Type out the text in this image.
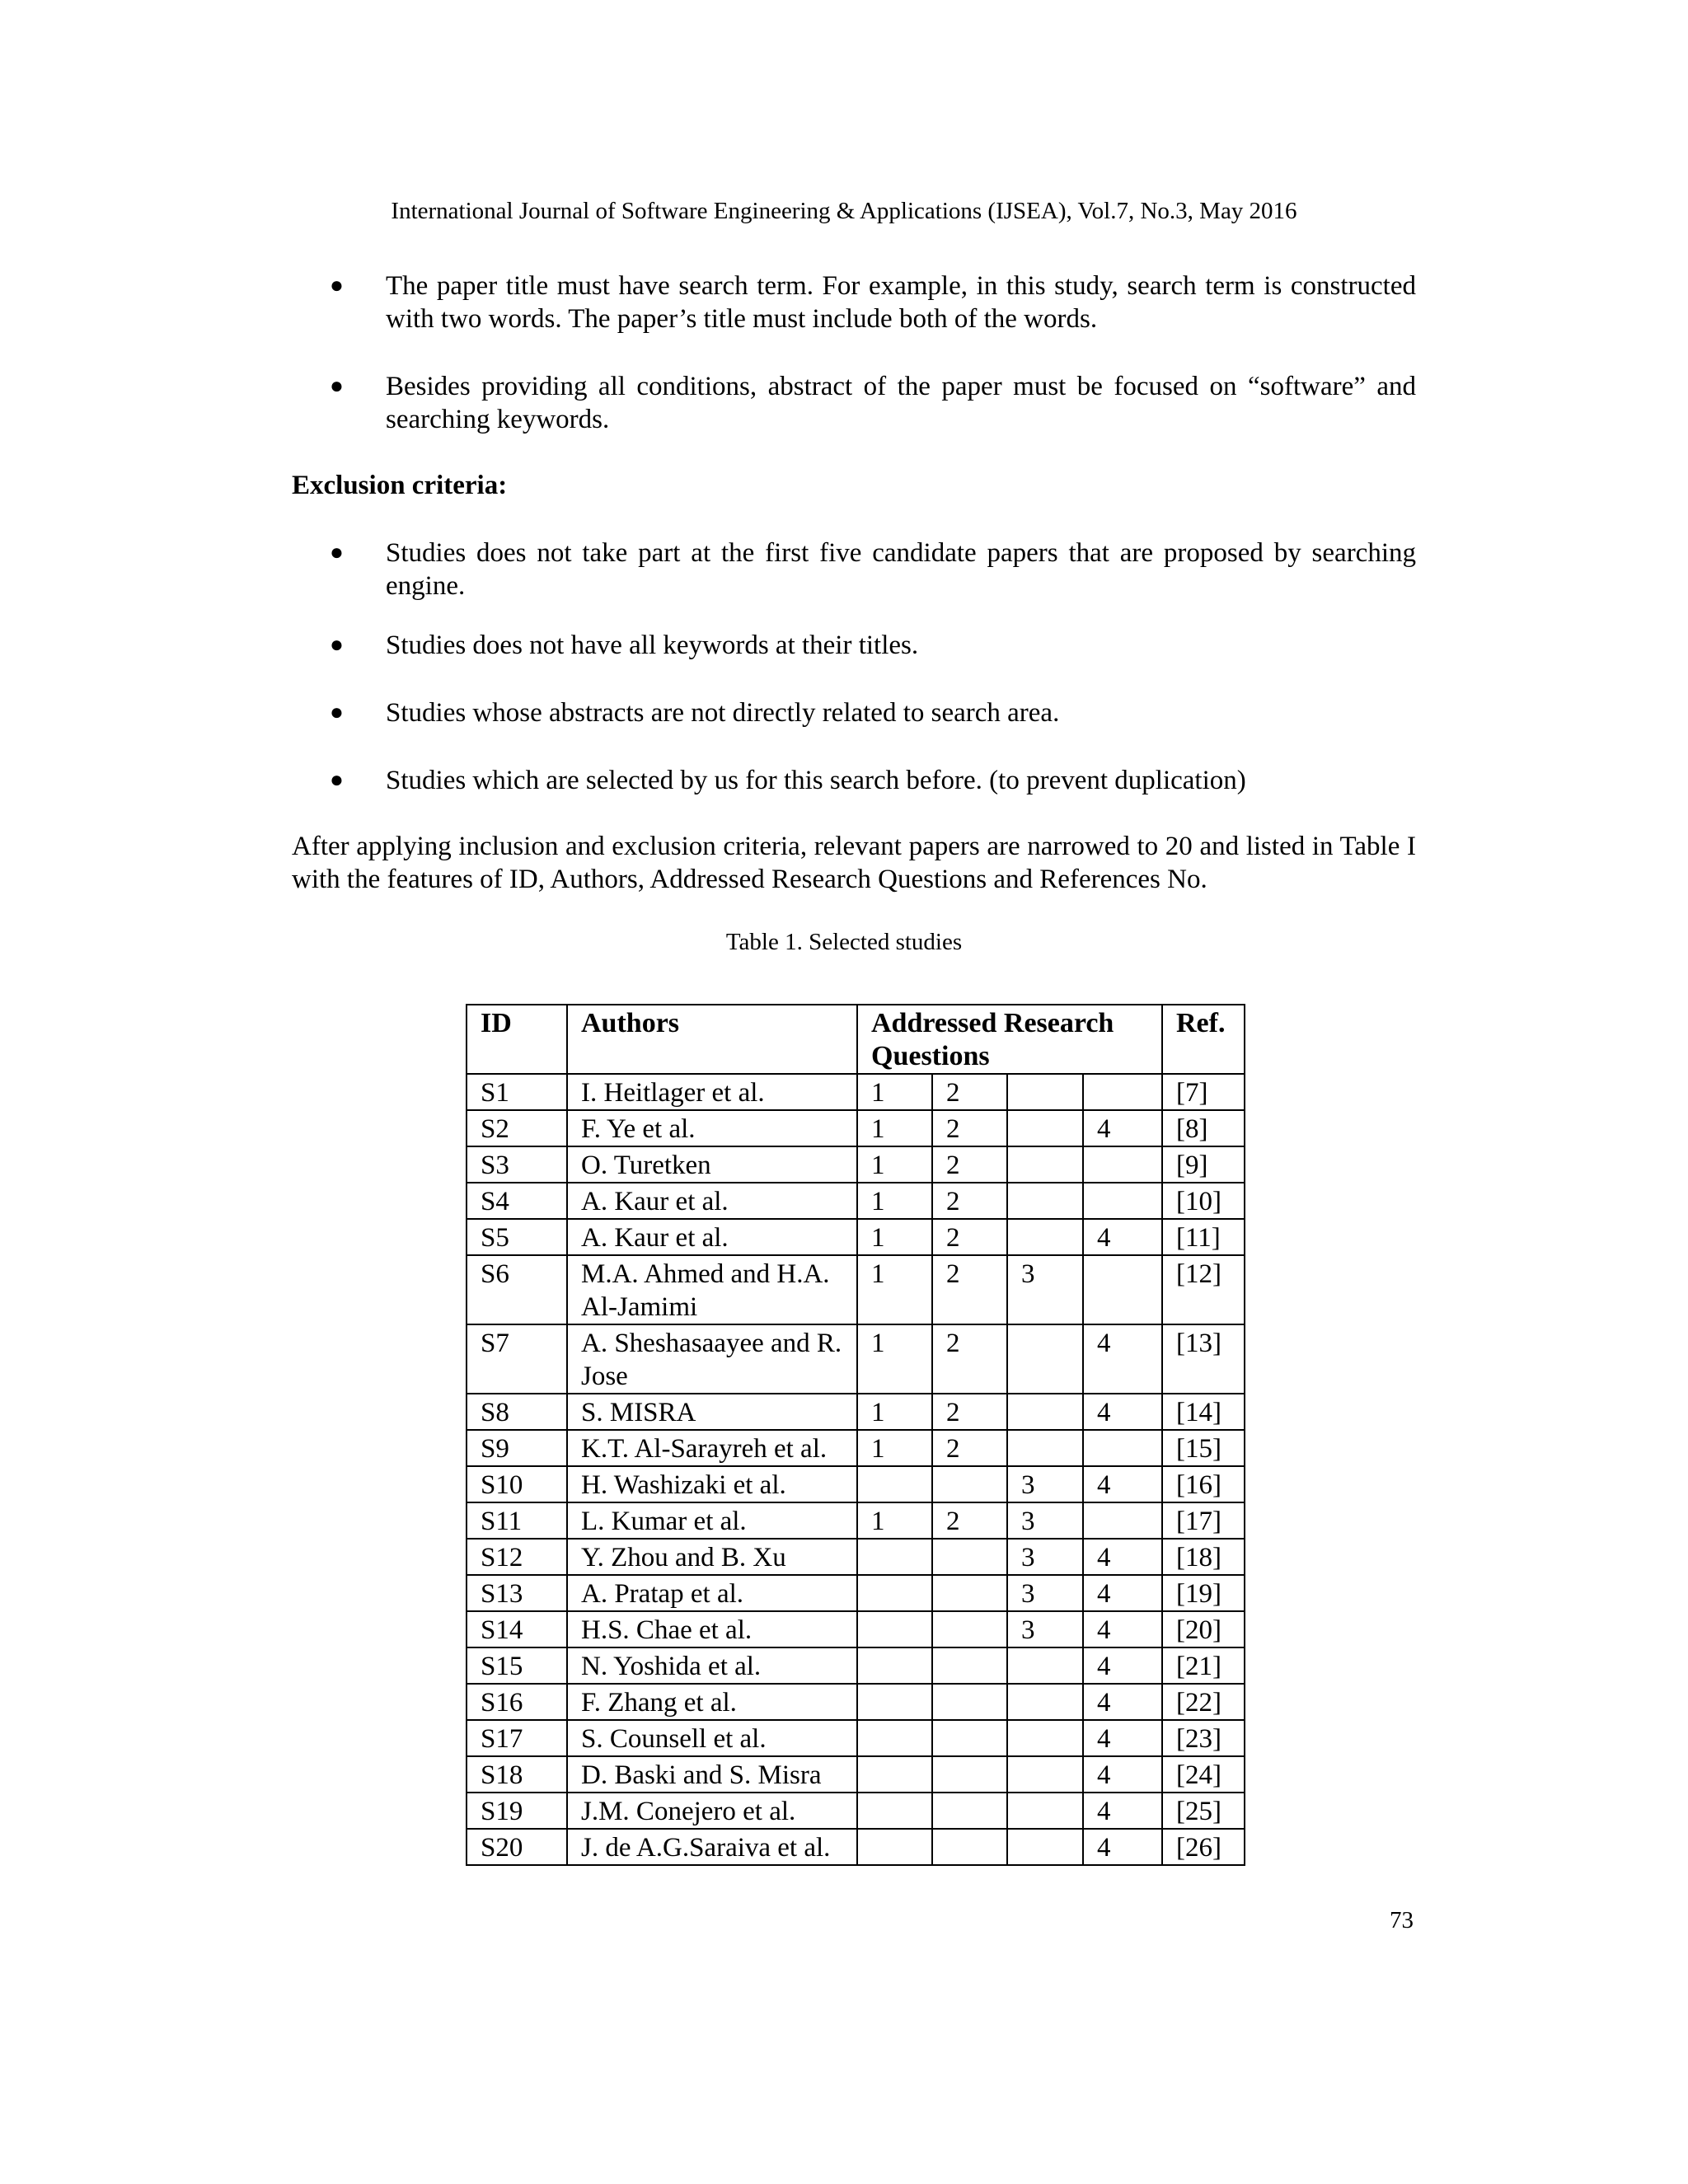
International Journal of Software Engineering & Applications (IJSEA), Vol.7, No.3, May 2016
● The paper title must have search term. For example, in this study, search term is constructed with two words. The paper’s title must include both of the words.
● Besides providing all conditions, abstract of the paper must be focused on “software” and searching keywords.
Exclusion criteria:
● Studies does not take part at the first five candidate papers that are proposed by searching engine.
● Studies does not have all keywords at their titles.
● Studies whose abstracts are not directly related to search area.
● Studies which are selected by us for this search before. (to prevent duplication)
After applying inclusion and exclusion criteria, relevant papers are narrowed to 20 and listed in Table I with the features of ID, Authors, Addressed Research Questions and References No.
Table 1. Selected studies
ID	Authors	Addressed Research Questions				Ref.
S1	I. Heitlager et al.	1	2			[7]
S2	F. Ye et al.	1	2		4	[8]
S3	O. Turetken	1	2			[9]
S4	A. Kaur et al.	1	2			[10]
S5	A. Kaur et al.	1	2		4	[11]
S6	M.A. Ahmed and H.A. Al-Jamimi	1	2	3		[12]
S7	A. Sheshasaayee and R. Jose	1	2		4	[13]
S8	S. MISRA	1	2		4	[14]
S9	K.T. Al-Sarayreh et al.	1	2			[15]
S10	H. Washizaki et al.			3	4	[16]
S11	L. Kumar et al.	1	2	3		[17]
S12	Y. Zhou and B. Xu			3	4	[18]
S13	A. Pratap et al.			3	4	[19]
S14	H.S. Chae et al.			3	4	[20]
S15	N. Yoshida et al.				4	[21]
S16	F. Zhang et al.				4	[22]
S17	S. Counsell et al.				4	[23]
S18	D. Baski and S. Misra				4	[24]
S19	J.M. Conejero et al.				4	[25]
S20	J. de A.G.Saraiva et al.				4	[26]
73
